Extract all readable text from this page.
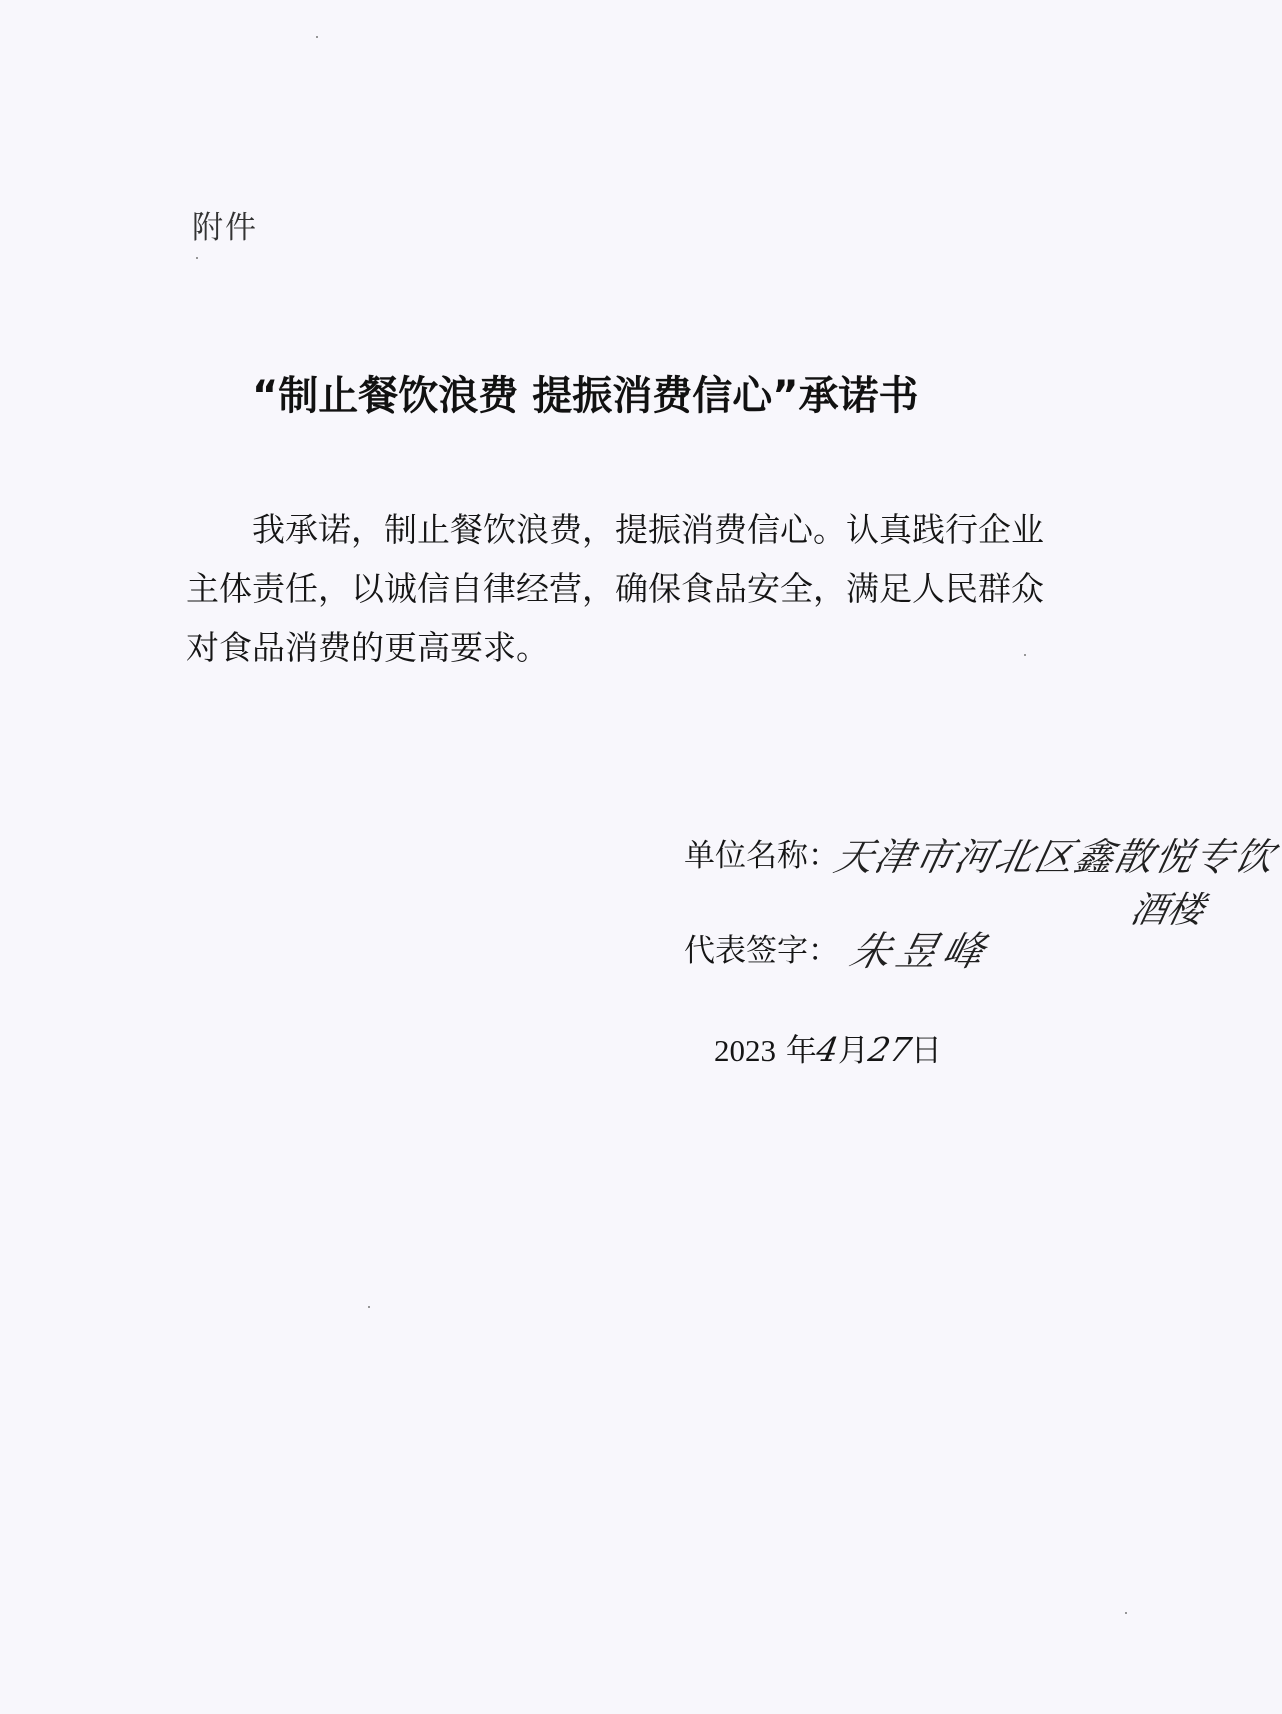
附件
“制止餐饮浪费 提振消费信心”承诺书

我承诺，制止餐饮浪费，提振消费信心。认真践行企业主体责任，以诚信自律经营，确保食品安全，满足人民群众对食品消费的更高要求。

单位名称：
天津市河北区鑫散悦专饮
酒楼
代表签字： 朱昱峰
2023 年4月27日
